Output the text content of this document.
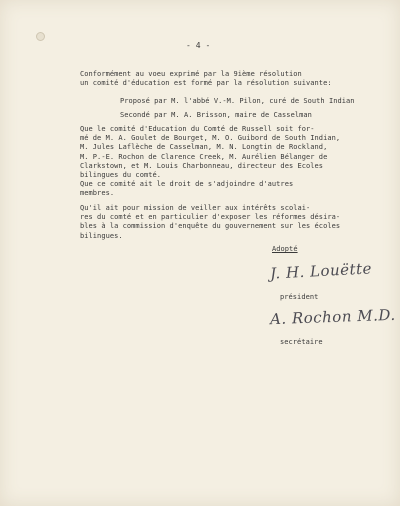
- 4 -
Conformément au voeu exprimé par la 9ième résolution
un comité d'éducation est formé par la résolution suivante:
Proposé par M. l'abbé V.-M. Pilon, curé de South Indian
Secondé par M. A. Brisson, maire de Casselman
Que le comité d'Education du Comté de Russell soit for-
mé de M. A. Goulet de Bourget, M. O. Guibord de South Indian,
M. Jules Laflèche de Casselman, M. N. Longtin de Rockland,
M. P.-E. Rochon de Clarence Creek, M. Aurélien Bélanger de
Clarkstown, et M. Louis Charbonneau, directeur des Ecoles
bilingues du comté.
Que ce comité ait le droit de s'adjoindre d'autres
membres.
Qu'il ait pour mission de veiller aux intérêts scolai-
res du comté et en particulier d'exposer les réformes désira-
bles à la commission d'enquête du gouvernement sur les écoles
bilingues.
Adopté
J. H. Louëtte
président
A. Rochon M.D.
secrétaire
